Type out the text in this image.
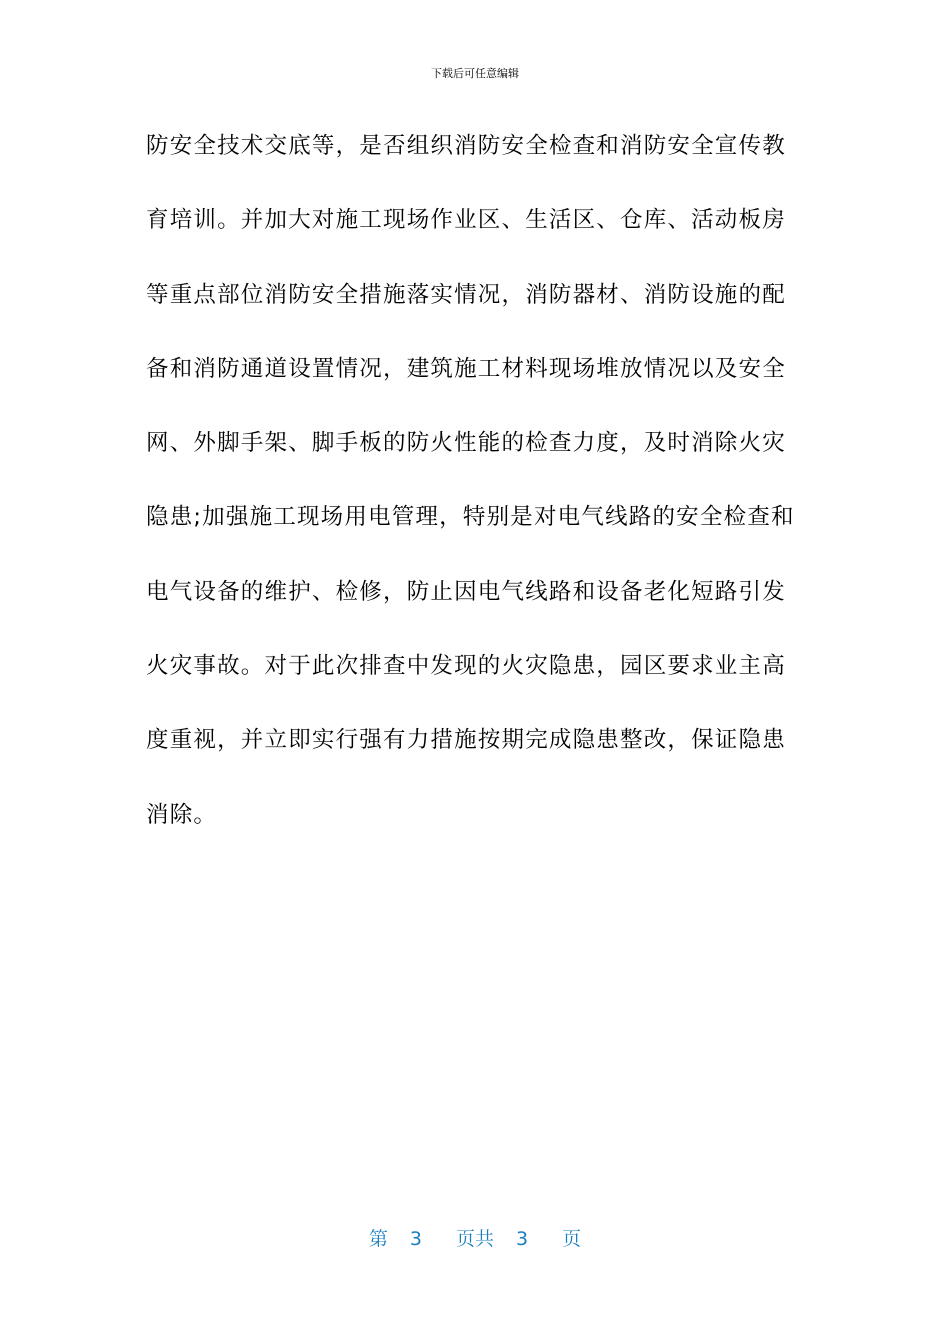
下载后可任意编辑
防安全技术交底等，是否组织消防安全检查和消防安全宣传教
育培训。并加大对施工现场作业区、生活区、仓库、活动板房
等重点部位消防安全措施落实情况，消防器材、消防设施的配
备和消防通道设置情况，建筑施工材料现场堆放情况以及安全
网、外脚手架、脚手板的防火性能的检查力度，及时消除火灾
隐患;加强施工现场用电管理，特别是对电气线路的安全检查和
电气设备的维护、检修，防止因电气线路和设备老化短路引发
火灾事故。对于此次排查中发现的火灾隐患，园区要求业主高
度重视，并立即实行强有力措施按期完成隐患整改，保证隐患
消除。
第 3 页共 3 页
